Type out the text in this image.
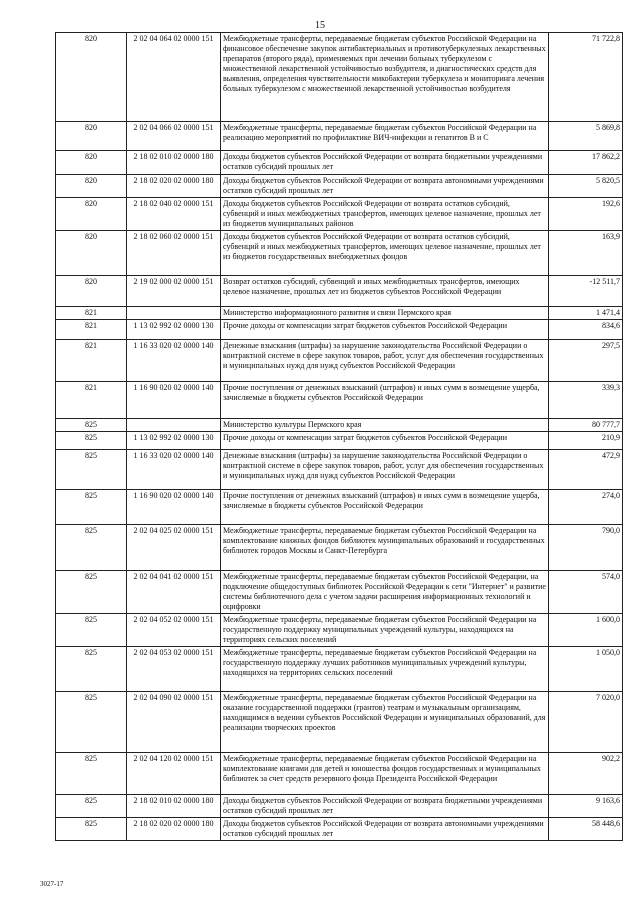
15
820	2 02 04 064 02 0000 151	Межбюджетные трансферты, передаваемые бюджетам субъектов Российской Федерации на финансовое обеспечение закупок антибактериальных и противотуберкулезных лекарственных препаратов (второго ряда), применяемых при лечении больных туберкулезом с множественной лекарственной устойчивостью возбудителя, и диагностических средств для выявления, определения чувствительности микобактерии туберкулеза и мониторинга лечения больных туберкулезом с множественной лекарственной устойчивостью возбудителя	71 722,8
820	2 02 04 066 02 0000 151	Межбюджетные трансферты, передаваемые бюджетам субъектов Российской Федерации на реализацию мероприятий по профилактике ВИЧ-инфекции и гепатитов В и С	5 869,8
820	2 18 02 010 02 0000 180	Доходы бюджетов субъектов Российской Федерации от возврата бюджетными учреждениями остатков субсидий прошлых лет	17 862,2
820	2 18 02 020 02 0000 180	Доходы бюджетов субъектов Российской Федерации от возврата автономными учреждениями остатков субсидий прошлых лет	5 820,5
820	2 18 02 040 02 0000 151	Доходы бюджетов субъектов Российской Федерации от возврата остатков субсидий, субвенций и иных межбюджетных трансфертов, имеющих целевое назначение, прошлых лет из бюджетов муниципальных районов	192,6
820	2 18 02 060 02 0000 151	Доходы бюджетов субъектов Российской Федерации от возврата остатков субсидий, субвенций и иных межбюджетных трансфертов, имеющих целевое назначение, прошлых лет из бюджетов государственных внебюджетных фондов	163,9
820	2 19 02 000 02 0000 151	Возврат остатков субсидий, субвенций и иных межбюджетных трансфертов, имеющих целевое назначение, прошлых лет из бюджетов субъектов Российской Федерации	-12 511,7
821		Министерство информационного развития и связи Пермского края	1 471,4
821	1 13 02 992 02 0000 130	Прочие доходы от компенсации затрат бюджетов субъектов Российской Федерации	834,6
821	1 16 33 020 02 0000 140	Денежные взыскания (штрафы) за нарушение законодательства Российской Федерации о контрактной системе в сфере закупок товаров, работ, услуг для обеспечения государственных и муниципальных нужд для нужд субъектов Российской Федерации	297,5
821	1 16 90 020 02 0000 140	Прочие поступления от денежных взысканий (штрафов) и иных сумм в возмещение ущерба, зачисляемые в бюджеты субъектов Российской Федерации	339,3
825		Министерство культуры Пермского края	80 777,7
825	1 13 02 992 02 0000 130	Прочие доходы от компенсации затрат бюджетов субъектов Российской Федерации	210,9
825	1 16 33 020 02 0000 140	Денежные взыскания (штрафы) за нарушение законодательства Российской Федерации о контрактной системе в сфере закупок товаров, работ, услуг для обеспечения государственных и муниципальных нужд для нужд субъектов Российской Федерации	472,9
825	1 16 90 020 02 0000 140	Прочие поступления от денежных взысканий (штрафов) и иных сумм в возмещение ущерба, зачисляемые в бюджеты субъектов Российской Федерации	274,0
825	2 02 04 025 02 0000 151	Межбюджетные трансферты, передаваемые бюджетам субъектов Российской Федерации на комплектование книжных фондов библиотек муниципальных образований и государственных библиотек городов Москвы и Санкт-Петербурга	790,0
825	2 02 04 041 02 0000 151	Межбюджетные трансферты, передаваемые бюджетам субъектов Российской Федерации, на подключение общедоступных библиотек Российской Федерации к сети "Интернет" и развитие системы библиотечного дела с учетом задачи расширения информационных технологий и оцифровки	574,0
825	2 02 04 052 02 0000 151	Межбюджетные трансферты, передаваемые бюджетам субъектов Российской Федерации на государственную поддержку муниципальных учреждений культуры, находящихся на территориях сельских поселений	1 600,0
825	2 02 04 053 02 0000 151	Межбюджетные трансферты, передаваемые бюджетам субъектов Российской Федерации на государственную поддержку лучших работников муниципальных учреждений культуры, находящихся на территориях сельских поселений	1 050,0
825	2 02 04 090 02 0000 151	Межбюджетные трансферты, передаваемые бюджетам субъектов Российской Федерации на оказание государственной поддержки (грантов) театрам и музыкальным организациям, находящимся в ведении субъектов Российской Федерации и муниципальных образований, для реализации творческих проектов	7 020,0
825	2 02 04 120 02 0000 151	Межбюджетные трансферты, передаваемые бюджетам субъектов Российской Федерации на комплектование книгами для детей и юношества фондов государственных и муниципальных библиотек за счет средств резервного фонда Президента Российской Федерации	902,2
825	2 18 02 010 02 0000 180	Доходы бюджетов субъектов Российской Федерации от возврата бюджетными учреждениями остатков субсидий прошлых лет	9 163,6
825	2 18 02 020 02 0000 180	Доходы бюджетов субъектов Российской Федерации от возврата автономными учреждениями остатков субсидий прошлых лет	58 448,6
3027-17
